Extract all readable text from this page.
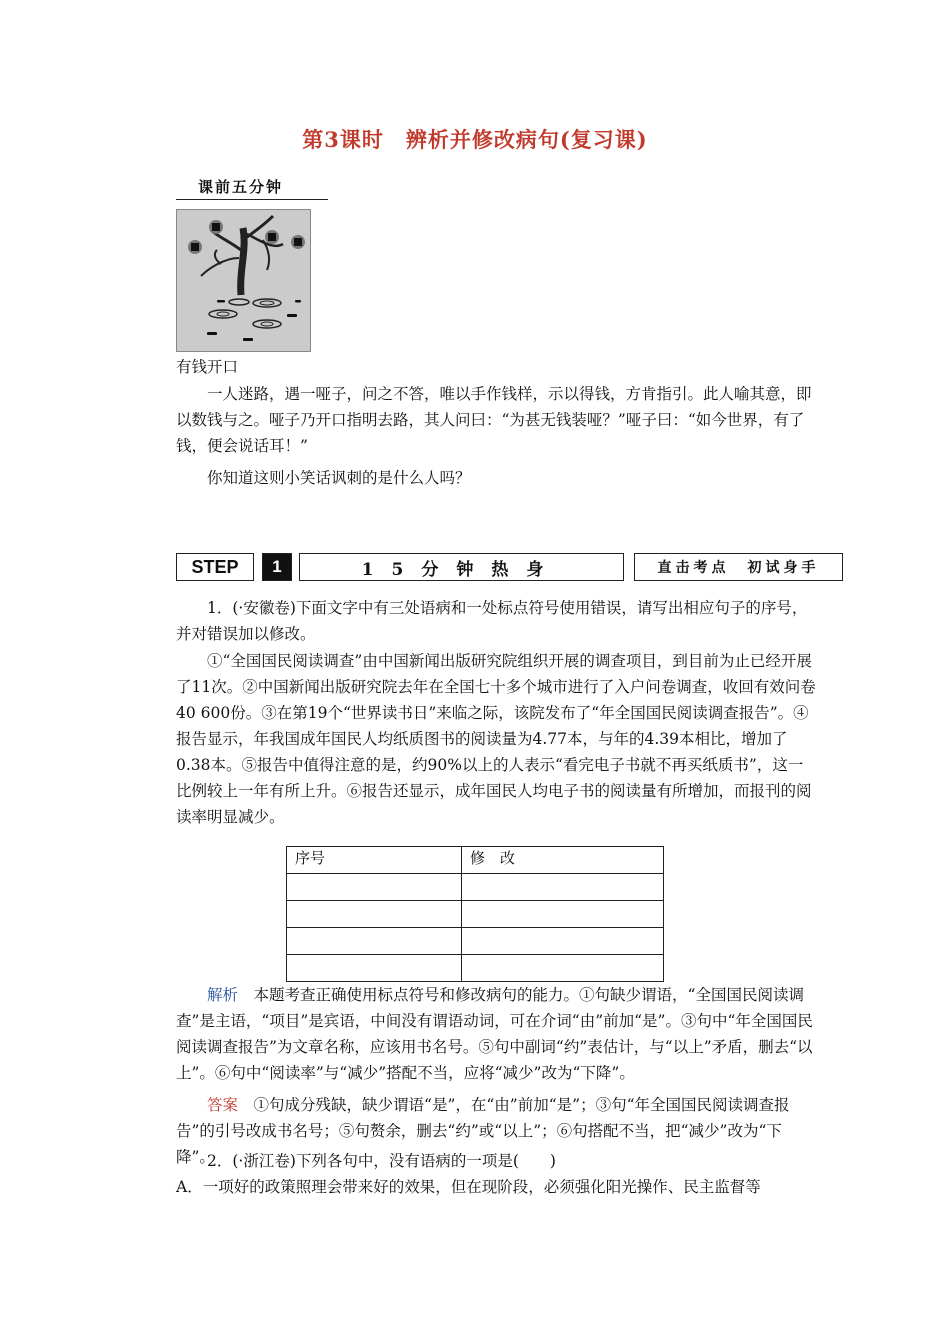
第3课时　辨析并修改病句(复习课)
课前五分钟
有钱开口
一人迷路，遇一哑子，问之不答，唯以手作钱样，示以得钱，方肯指引。此人喻其意，即以数钱与之。哑子乃开口指明去路，其人问曰：“为甚无钱装哑？”哑子曰：“如今世界，有了钱，便会说话耳！”
你知道这则小笑话讽刺的是什么人吗？
STEP	1	15分钟热身	直击考点　初试身手
1．(·安徽卷)下面文字中有三处语病和一处标点符号使用错误，请写出相应句子的序号，并对错误加以修改。
①“全国国民阅读调查”由中国新闻出版研究院组织开展的调查项目，到目前为止已经开展了11次。②中国新闻出版研究院去年在全国七十多个城市进行了入户问卷调查，收回有效问卷40 600份。③在第19个“世界读书日”来临之际，该院发布了“年全国国民阅读调查报告”。④报告显示，年我国成年国民人均纸质图书的阅读量为4.77本，与年的4.39本相比，增加了0.38本。⑤报告中值得注意的是，约90%以上的人表示“看完电子书就不再买纸质书”，这一比例较上一年有所上升。⑥报告还显示，成年国民人均电子书的阅读量有所增加，而报刊的阅读率明显减少。
序号	修　改

解析　 本题考查正确使用标点符号和修改病句的能力。①句缺少谓语，“全国国民阅读调查”是主语，“项目”是宾语，中间没有谓语动词，可在介词“由”前加“是”。③句中“年全国国民阅读调查报告”为文章名称，应该用书名号。⑤句中副词“约”表估计，与“以上”矛盾，删去“以上”。⑥句中“阅读率”与“减少”搭配不当，应将“减少”改为“下降”。
答案　 ①句成分残缺，缺少谓语“是”，在“由”前加“是”；③句“年全国国民阅读调查报告”的引号改成书名号；⑤句赘余，删去“约”或“以上”；⑥句搭配不当，把“减少”改为“下降”。
2．(·浙江卷)下列各句中，没有语病的一项是(　　)
A．一项好的政策照理会带来好的效果，但在现阶段，必须强化阳光操作、民主监督等
